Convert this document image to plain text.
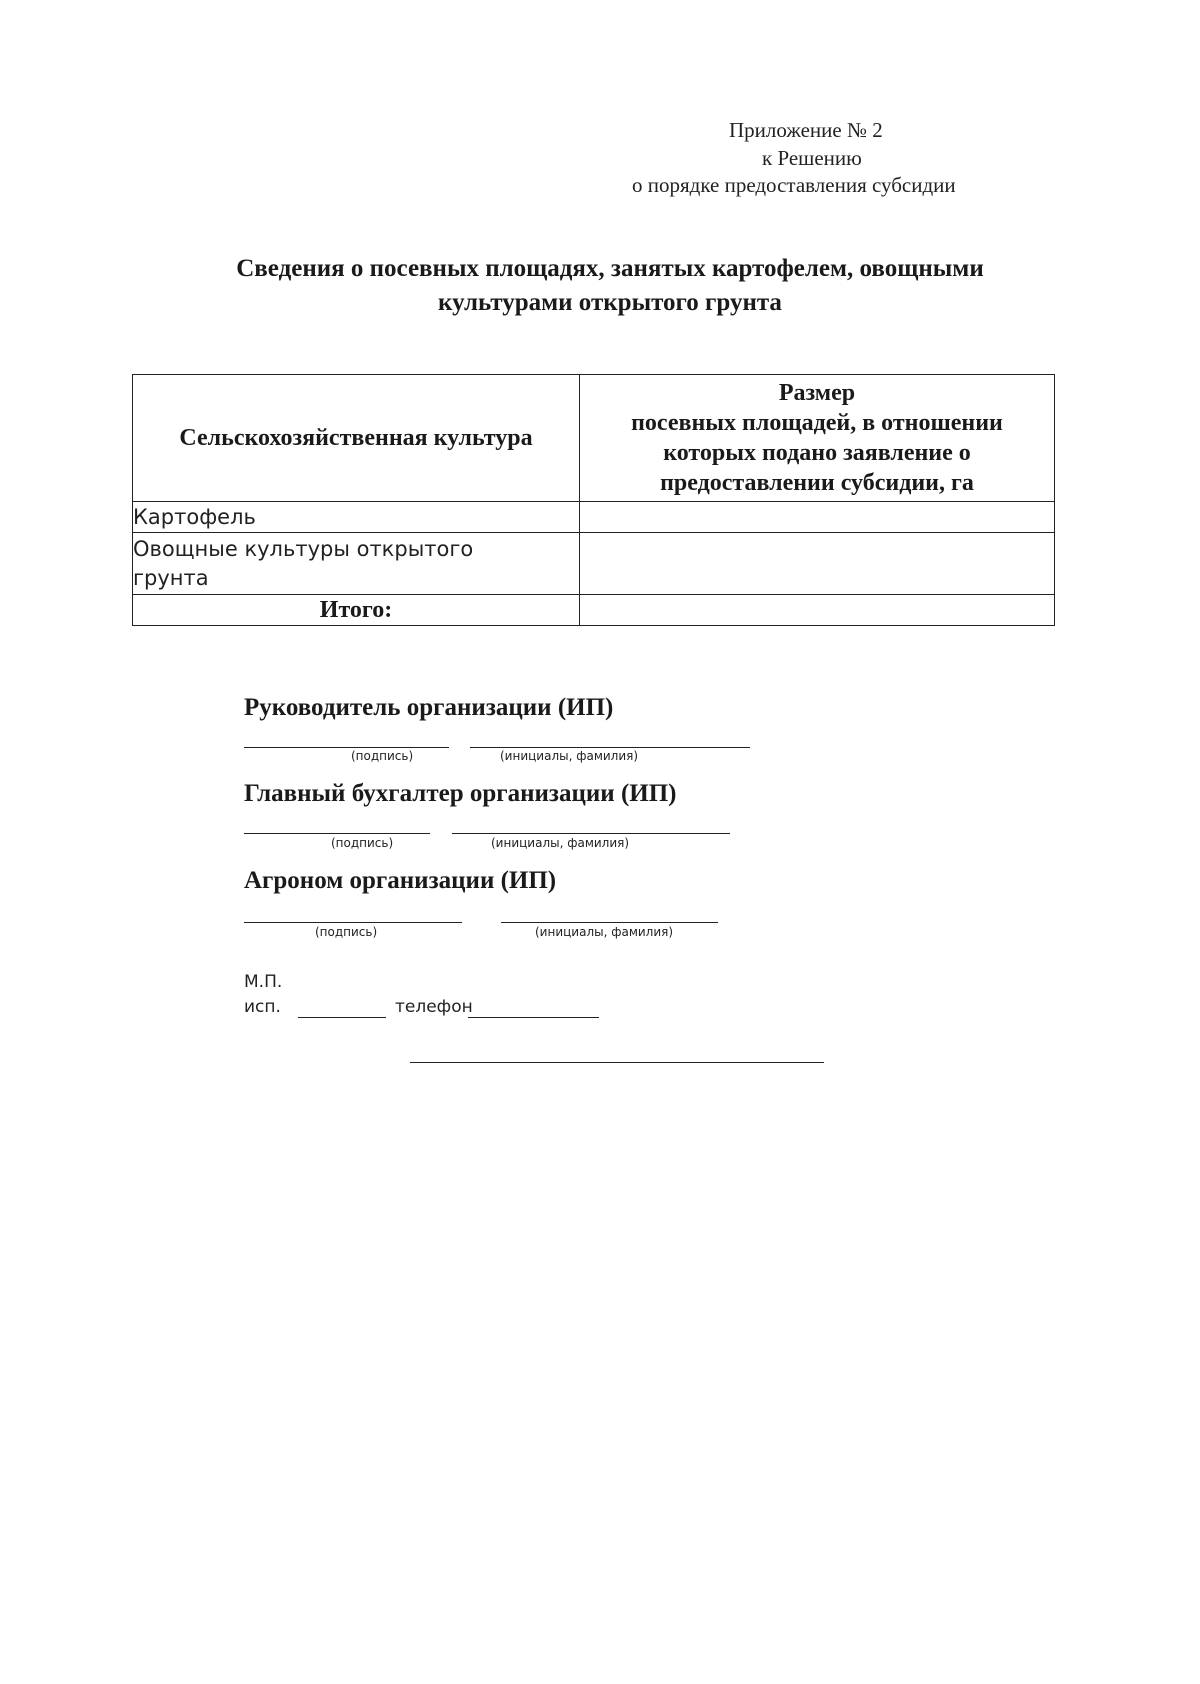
Приложение № 2
к Решению
о порядке предоставления субсидии
Сведения о посевных площадях, занятых картофелем, овощными
культурами открытого грунта
Сельскохозяйственная культура	Размер
посевных площадей, в отношении
которых подано заявление о
предоставлении субсидии, га

Картофель	

Овощные культуры открытого
грунта	

Итого:	
Руководитель организации (ИП)
(подпись)	(инициалы, фамилия)
Главный бухгалтер организации (ИП)
(подпись)	(инициалы, фамилия)
Агроном организации (ИП)
(подпись)	(инициалы, фамилия)
М.П.
исп.	телефон
